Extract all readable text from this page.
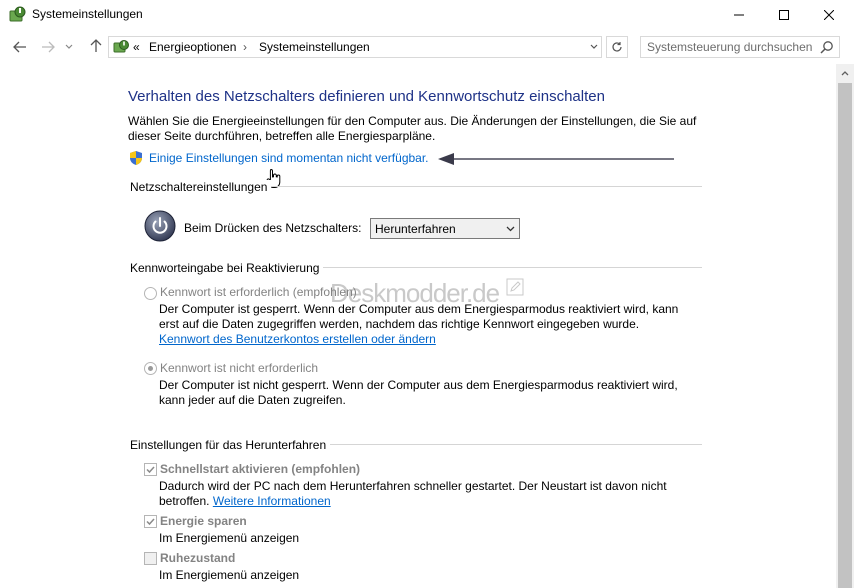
Systemeinstellungen
« Energieoptionen › Systemeinstellungen
Systemsteuerung durchsuchen
Verhalten des Netzschalters definieren und Kennwortschutz einschalten
Wählen Sie die Energieeinstellungen für den Computer aus. Die Änderungen der Einstellungen, die Sie auf dieser Seite durchführen, betreffen alle Energiesparpläne.
Einige Einstellungen sind momentan nicht verfügbar.
Netzschaltereinstellungen
Beim Drücken des Netzschalters: Herunterfahren
Kennworteingabe bei Reaktivierung
Deskmodder.de
Kennwort ist erforderlich (empfohlen)
Der Computer ist gesperrt. Wenn der Computer aus dem Energiesparmodus reaktiviert wird, kann erst auf die Daten zugegriffen werden, nachdem das richtige Kennwort eingegeben wurde.
Kennwort des Benutzerkontos erstellen oder ändern
Kennwort ist nicht erforderlich
Der Computer ist nicht gesperrt. Wenn der Computer aus dem Energiesparmodus reaktiviert wird, kann jeder auf die Daten zugreifen.
Einstellungen für das Herunterfahren
Schnellstart aktivieren (empfohlen)
Dadurch wird der PC nach dem Herunterfahren schneller gestartet. Der Neustart ist davon nicht betroffen. Weitere Informationen
Energie sparen
Im Energiemenü anzeigen
Ruhezustand
Im Energiemenü anzeigen
